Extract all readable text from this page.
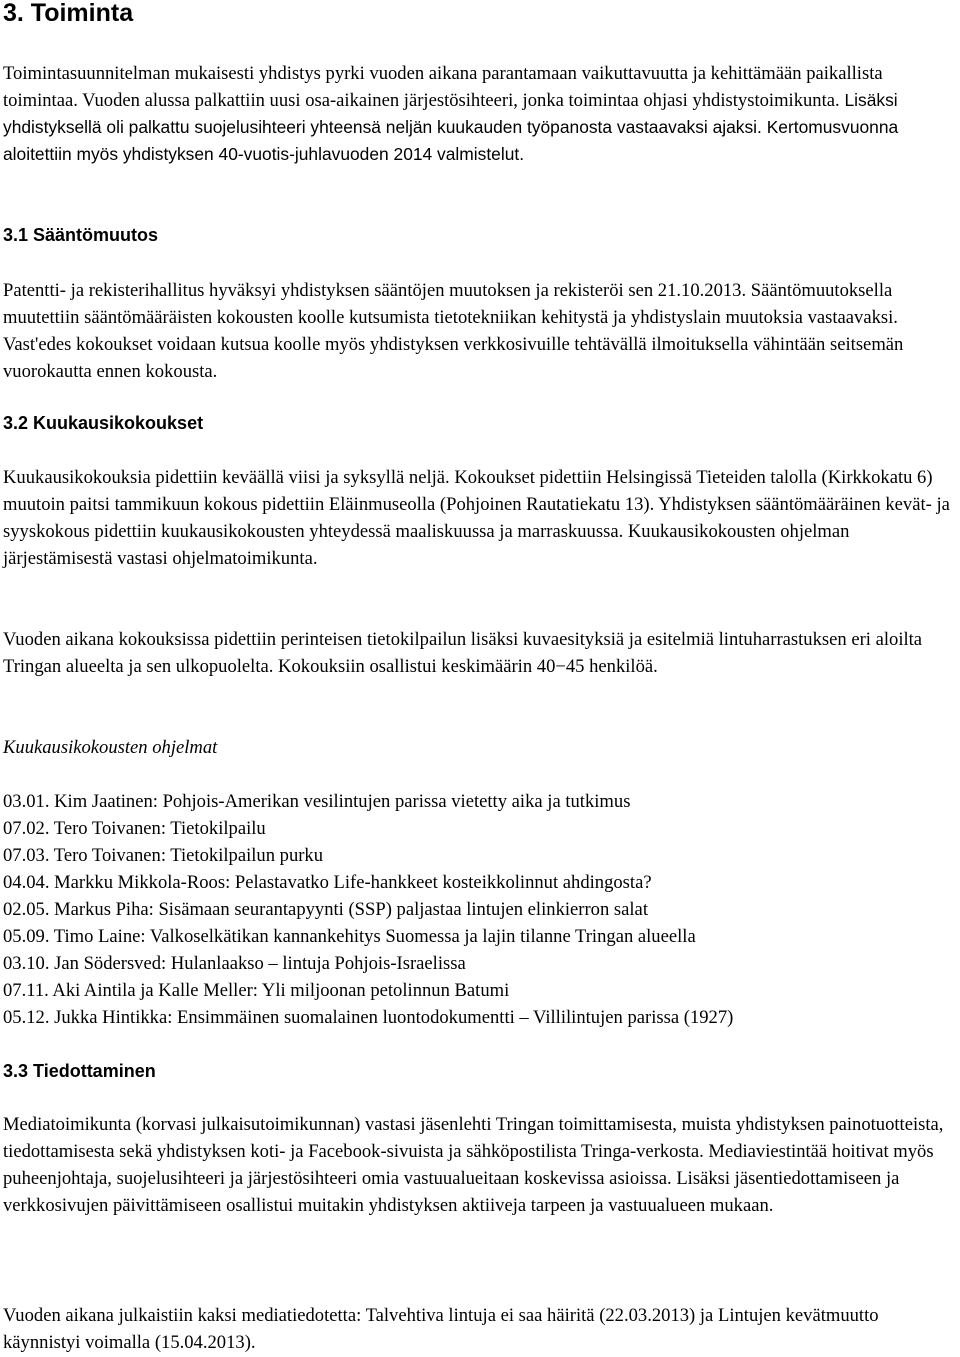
3. Toiminta

Toimintasuunnitelman mukaisesti yhdistys pyrki vuoden aikana parantamaan vaikuttavuutta ja kehittämään paikallista toimintaa. Vuoden alussa palkattiin uusi osa-aikainen järjestösihteeri, jonka toimintaa ohjasi yhdistystoimikunta. Lisäksi yhdistyksellä oli palkattu suojelusihteeri yhteensä neljän kuukauden työpanosta vastaavaksi ajaksi. Kertomusvuonna aloitettiin myös yhdistyksen 40-vuotis-juhlavuoden 2014 valmistelut.

3.1 Sääntömuutos

Patentti- ja rekisterihallitus hyväksyi yhdistyksen sääntöjen muutoksen ja rekisteröi sen 21.10.2013. Sääntömuutoksella muutettiin sääntömääräisten kokousten koolle kutsumista tietotekniikan kehitystä ja yhdistyslain muutoksia vastaavaksi. Vast'edes kokoukset voidaan kutsua koolle myös yhdistyksen verkkosivuille tehtävällä ilmoituksella vähintään seitsemän vuorokautta ennen kokousta.

3.2 Kuukausikokoukset

Kuukausikokouksia pidettiin keväällä viisi ja syksyllä neljä. Kokoukset pidettiin Helsingissä Tieteiden talolla (Kirkkokatu 6) muutoin paitsi tammikuun kokous pidettiin Eläinmuseolla (Pohjoinen Rautatiekatu 13). Yhdistyksen sääntömääräinen kevät- ja syyskokous pidettiin kuukausikokousten yhteydessä maaliskuussa ja marraskuussa. Kuukausikokousten ohjelman järjestämisestä vastasi ohjelmatoimikunta.

Vuoden aikana kokouksissa pidettiin perinteisen tietokilpailun lisäksi kuvaesityksiä ja esitelmiä lintuharrastuksen eri aloilta Tringan alueelta ja sen ulkopuolelta. Kokouksiin osallistui keskimäärin 40−45 henkilöä.

Kuukausikokousten ohjelmat

03.01. Kim Jaatinen: Pohjois-Amerikan vesilintujen parissa vietetty aika ja tutkimus
07.02. Tero Toivanen: Tietokilpailu
07.03. Tero Toivanen: Tietokilpailun purku
04.04. Markku Mikkola-Roos: Pelastavatko Life-hankkeet kosteikkolinnut ahdingosta?
02.05. Markus Piha: Sisämaan seurantapyynti (SSP) paljastaa lintujen elinkierron salat
05.09. Timo Laine: Valkoselkätikan kannankehitys Suomessa ja lajin tilanne Tringan alueella
03.10. Jan Södersved: Hulanlaakso – lintuja Pohjois-Israelissa
07.11. Aki Aintila ja Kalle Meller: Yli miljoonan petolinnun Batumi
05.12. Jukka Hintikka: Ensimmäinen suomalainen luontodokumentti – Villilintujen parissa (1927)
3.3 Tiedottaminen

Mediatoimikunta (korvasi julkaisutoimikunnan) vastasi jäsenlehti Tringan toimittamisesta, muista yhdistyksen painotuotteista, tiedottamisesta sekä yhdistyksen koti- ja Facebook-sivuista ja sähköpostilista Tringa-verkosta. Mediaviestintää hoitivat myös puheenjohtaja, suojelusihteeri ja järjestösihteeri omia vastuualueitaan koskevissa asioissa. Lisäksi jäsentiedottamiseen ja verkkosivujen päivittämiseen osallistui muitakin yhdistyksen aktiiveja tarpeen ja vastuualueen mukaan.

Vuoden aikana julkaistiin kaksi mediatiedotetta: Talvehtiva lintuja ei saa häiritä (22.03.2013) ja Lintujen kevätmuutto käynnistyi voimalla (15.04.2013).
